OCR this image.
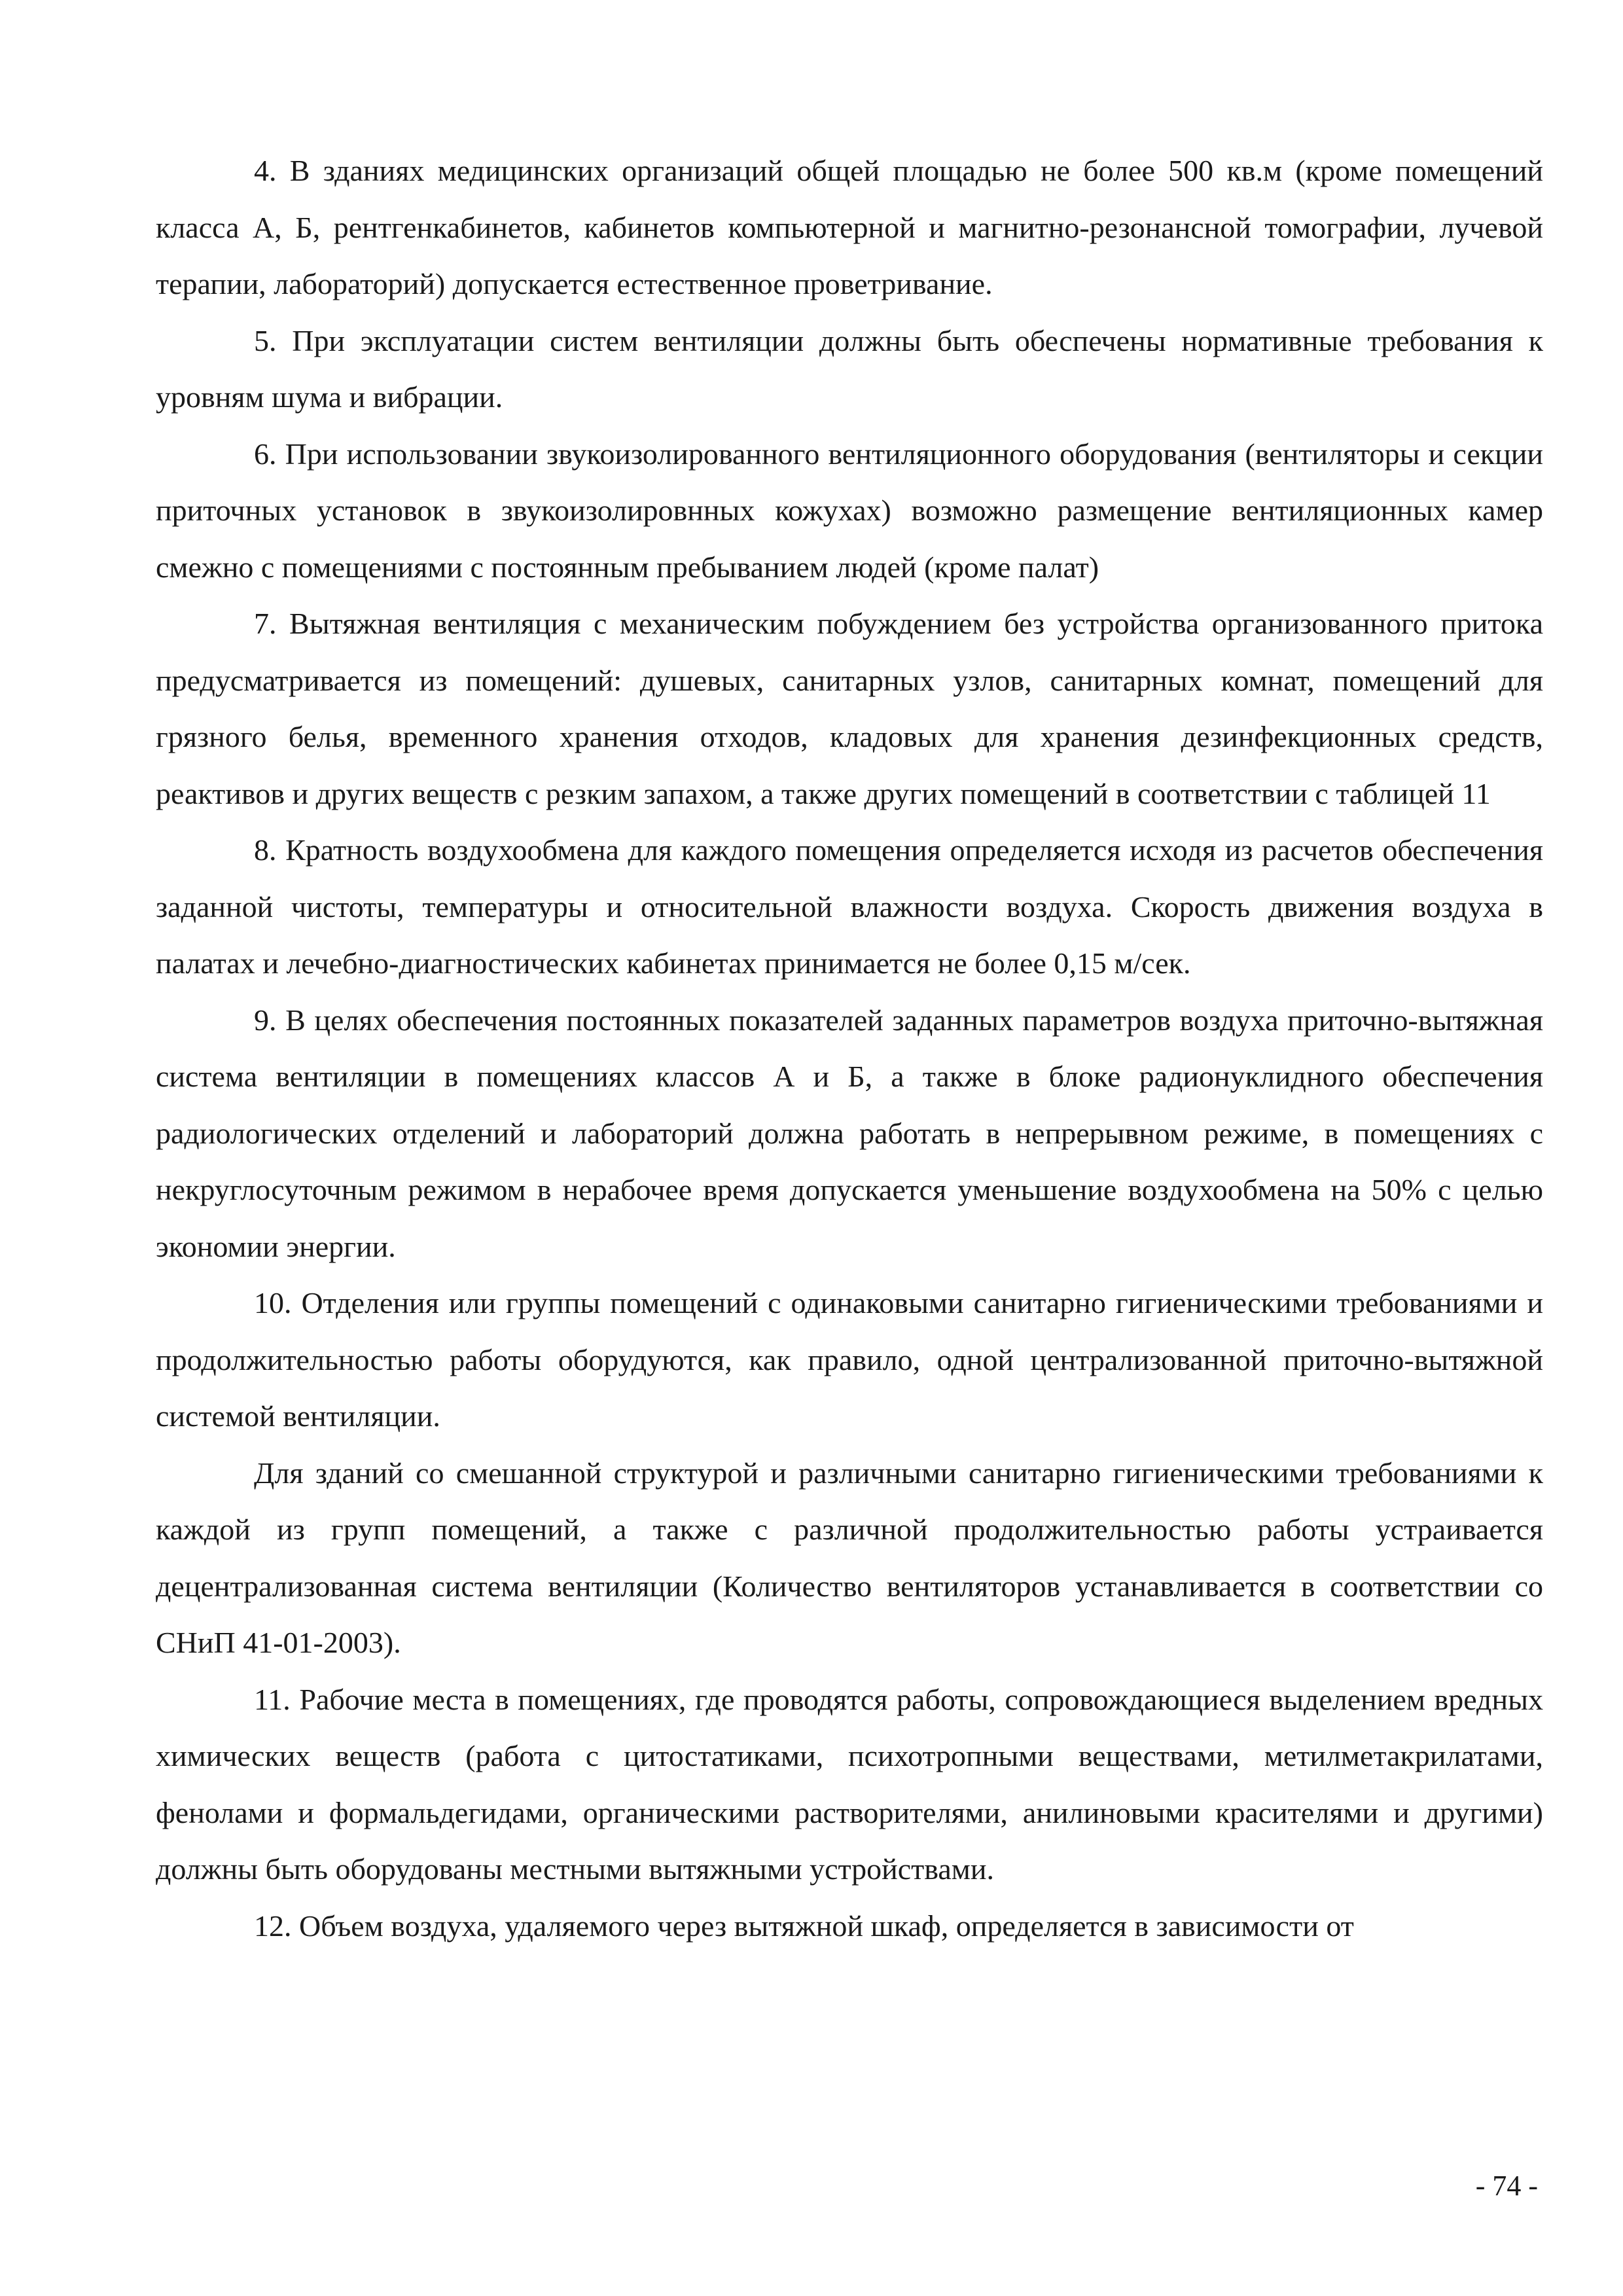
4. В зданиях медицинских организаций общей площадью не более 500 кв.м (кроме помещений класса А, Б, рентгенкабинетов, кабинетов компьютерной и магнитно-резонансной томографии, лучевой терапии, лабораторий) допускается естественное проветривание.

5. При эксплуатации систем вентиляции должны быть обеспечены нормативные требования к уровням шума и вибрации.

6. При использовании звукоизолированного вентиляционного оборудования (вентиляторы и секции приточных установок в звукоизолировнных кожухах) возможно размещение вентиляционных камер смежно с помещениями с постоянным пребыванием людей (кроме палат)

7. Вытяжная вентиляция с механическим побуждением без устройства организованного притока предусматривается из помещений: душевых, санитарных узлов, санитарных комнат, помещений для грязного белья, временного хранения отходов, кладовых для хранения дезинфекционных средств, реактивов и других веществ с резким запахом, а также других помещений в соответствии с таблицей 11

8. Кратность воздухообмена для каждого помещения определяется исходя из расчетов обеспечения заданной чистоты, температуры и относительной влажности воздуха. Скорость движения воздуха в палатах и лечебно-диагностических кабинетах принимается не более 0,15 м/сек.

9. В целях обеспечения постоянных показателей заданных параметров воздуха приточно-вытяжная система вентиляции в помещениях классов А и Б, а также в блоке радионуклидного обеспечения радиологических отделений и лабораторий должна работать в непрерывном режиме, в помещениях с некруглосуточным режимом в нерабочее время допускается уменьшение воздухообмена на 50% с целью экономии энергии.

10. Отделения или группы помещений с одинаковыми санитарно гигиеническими требованиями и продолжительностью работы оборудуются, как правило, одной централизованной приточно-вытяжной системой вентиляции.

Для зданий со смешанной структурой и различными санитарно гигиеническими требованиями к каждой из групп помещений, а также с различной продолжительностью работы устраивается децентрализованная система вентиляции (Количество вентиляторов устанавливается в соответствии со СНиП 41-01-2003).

11. Рабочие места в помещениях, где проводятся работы, сопровождающиеся выделением вредных химических веществ (работа с цитостатиками, психотропными веществами, метилметакрилатами, фенолами и формальдегидами, органическими растворителями, анилиновыми красителями и другими) должны быть оборудованы местными вытяжными устройствами.

12. Объем воздуха, удаляемого через вытяжной шкаф, определяется в зависимости от

- 74 -
